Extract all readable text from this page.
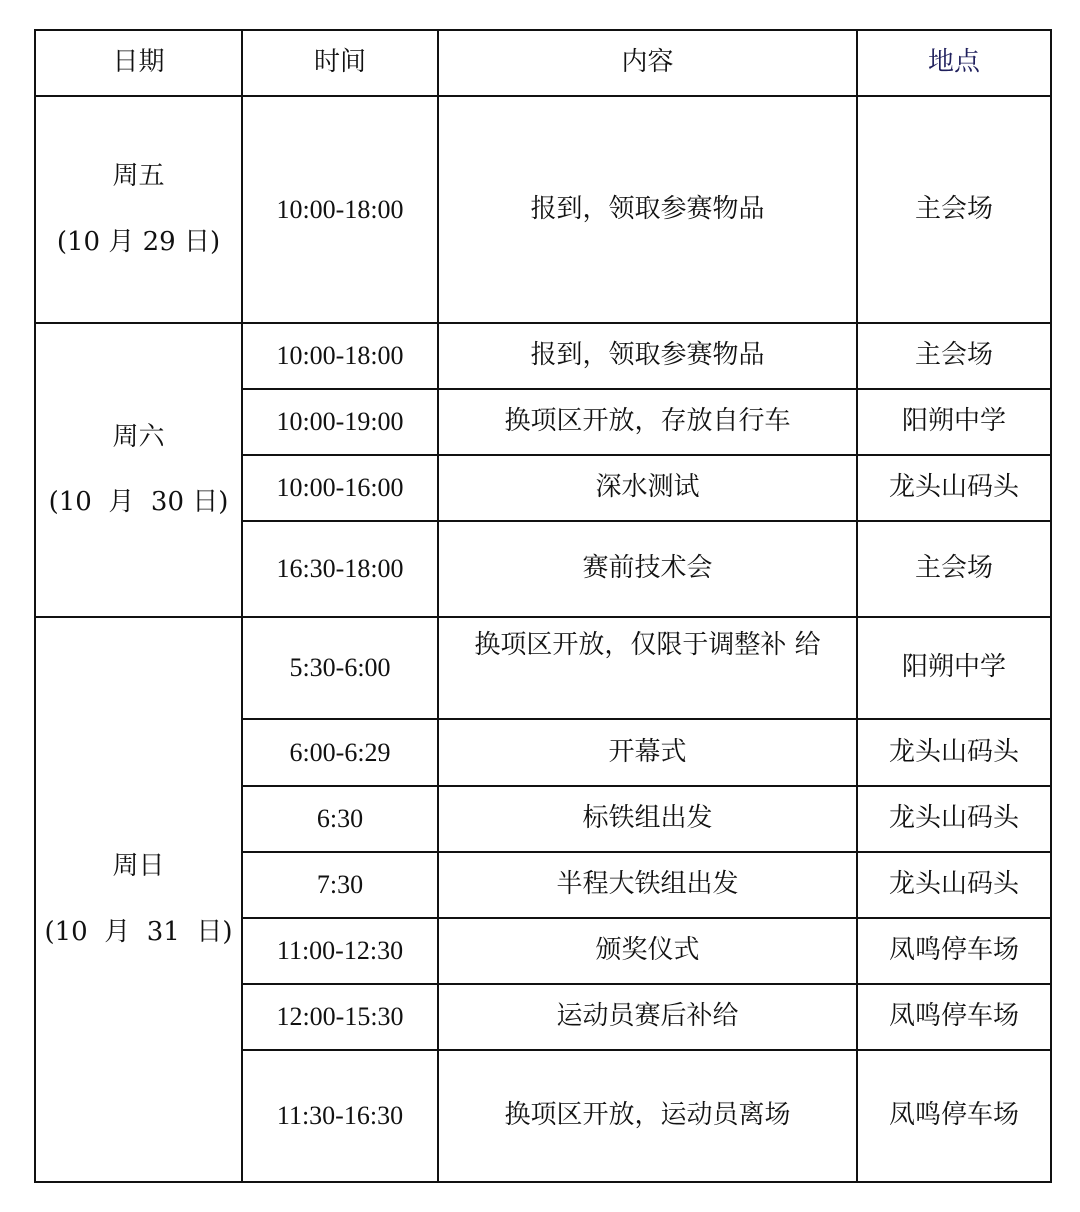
日期	时间	内容	地点

周五
(10 月 29 日)	10:00-18:00	报到，领取参赛物品	主会场

周六
(10  月  30 日)	10:00-18:00	报到，领取参赛物品	主会场
	10:00-19:00	换项区开放，存放自行车	阳朔中学
	10:00-16:00	深水测试	龙头山码头
	16:30-18:00	赛前技术会	主会场

周日
(10  月  31  日)	5:30-6:00	换项区开放，仅限于调整补 给	阳朔中学
	6:00-6:29	开幕式	龙头山码头
	6:30	标铁组出发	龙头山码头
	7:30	半程大铁组出发	龙头山码头
	11:00-12:30	颁奖仪式	凤鸣停车场
	12:00-15:30	运动员赛后补给	凤鸣停车场
	11:30-16:30	换项区开放，运动员离场	凤鸣停车场
